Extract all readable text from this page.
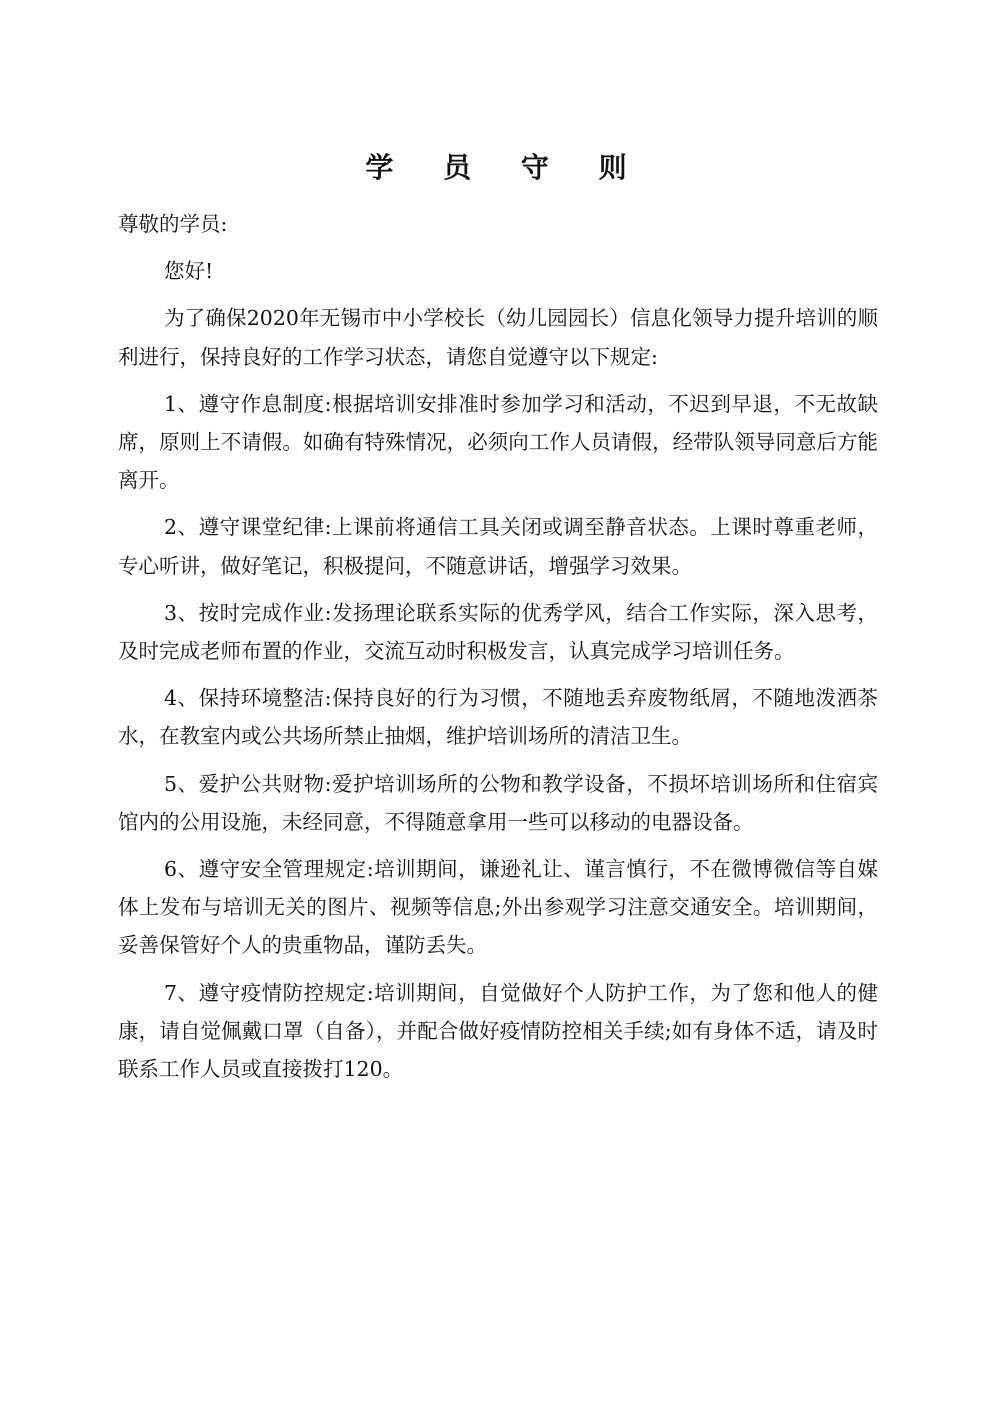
学 员 守 则

尊敬的学员:

您好!

为了确保2020年无锡市中小学校长（幼儿园园长）信息化领导力提升培训的顺利进行，保持良好的工作学习状态，请您自觉遵守以下规定:

1、遵守作息制度:根据培训安排准时参加学习和活动，不迟到早退，不无故缺席，原则上不请假。如确有特殊情况，必须向工作人员请假，经带队领导同意后方能离开。

2、遵守课堂纪律:上课前将通信工具关闭或调至静音状态。上课时尊重老师，专心听讲，做好笔记，积极提问，不随意讲话，增强学习效果。

3、按时完成作业:发扬理论联系实际的优秀学风，结合工作实际，深入思考，及时完成老师布置的作业，交流互动时积极发言，认真完成学习培训任务。

4、保持环境整洁:保持良好的行为习惯，不随地丢弃废物纸屑，不随地泼洒茶水，在教室内或公共场所禁止抽烟，维护培训场所的清洁卫生。

5、爱护公共财物:爱护培训场所的公物和教学设备，不损坏培训场所和住宿宾馆内的公用设施，未经同意，不得随意拿用一些可以移动的电器设备。

6、遵守安全管理规定:培训期间，谦逊礼让、谨言慎行，不在微博微信等自媒体上发布与培训无关的图片、视频等信息;外出参观学习注意交通安全。培训期间，妥善保管好个人的贵重物品，谨防丢失。

7、遵守疫情防控规定:培训期间，自觉做好个人防护工作，为了您和他人的健康，请自觉佩戴口罩（自备），并配合做好疫情防控相关手续;如有身体不适，请及时联系工作人员或直接拨打120。
